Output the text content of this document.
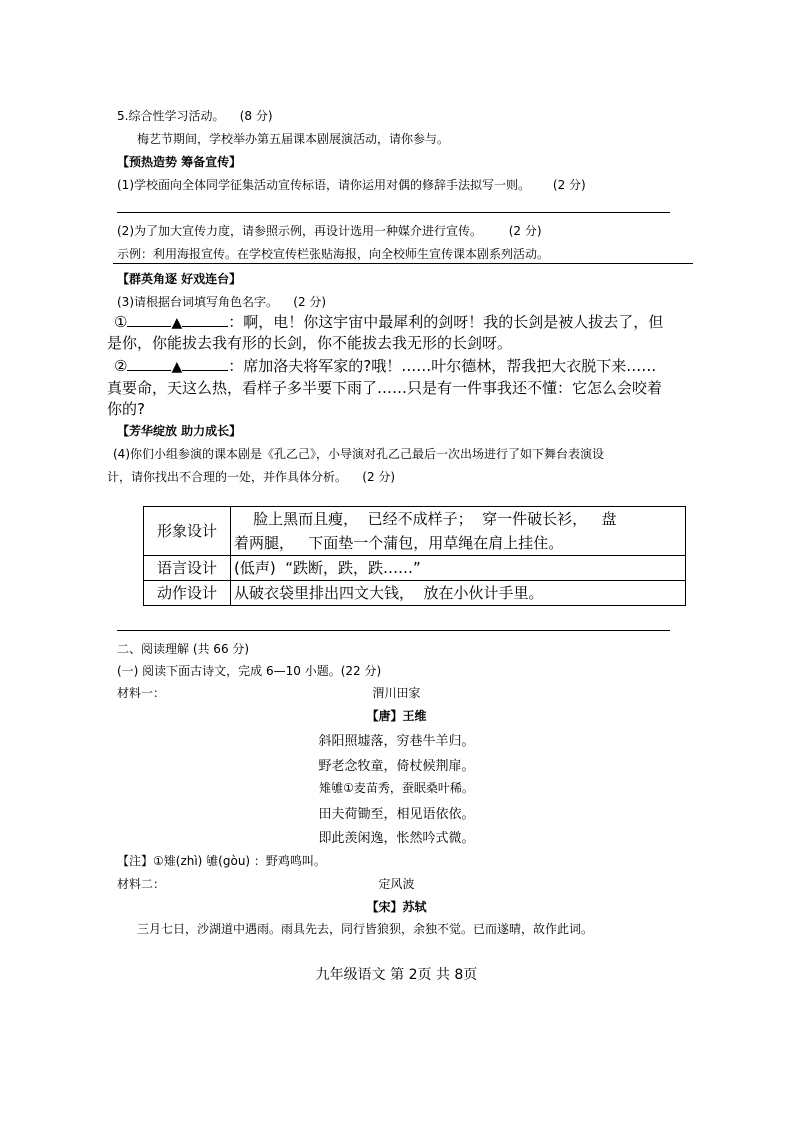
5.综合性学习活动。 (8 分)
梅艺节期间，学校举办第五届课本剧展演活动，请你参与。
【预热造势 筹备宣传】
(1)学校面向全体同学征集活动宣传标语，请你运用对偶的修辞手法拟写一则。 (2 分)
(2)为了加大宣传力度，请参照示例，再设计选用一种媒介进行宣传。 (2 分)
示例：利用海报宣传。在学校宣传栏张贴海报，向全校师生宣传课本剧系列活动。
【群英角逐 好戏连台】
(3)请根据台词填写角色名字。 (2 分)
①	▲	：啊，电！你这宇宙中最犀利的剑呀！我的长剑是被人拔去了，但
是你，你能拔去我有形的长剑，你不能拔去我无形的长剑呀。
②	▲	：席加洛夫将军家的?哦！……叶尔德林，帮我把大衣脱下来……
真要命，天这么热，看样子多半要下雨了……只是有一件事我还不懂：它怎么会咬着
你的?
【芳华绽放 助力成长】
(4)你们小组参演的课本剧是《孔乙己》，小导演对孔乙己最后一次出场进行了如下舞台表演设
计，请你找出不合理的一处，并作具体分析。 (2 分)
形象设计	脸上黑而且瘦，  已经不成样子；  穿一件破长衫，   盘
着两腿，   下面垫一个蒲包，用草绳在肩上挂住。

语言设计	(低声)  “跌断，跌，跌……”
动作设计	从破衣袋里排出四文大钱，  放在小伙计手里。
二、阅读理解 (共 66 分)
(一) 阅读下面古诗文，完成 6—10 小题。(22 分)
材料一：	渭川田家
【唐】王维
斜阳照墟落，穷巷牛羊归。
野老念牧童，倚杖候荆扉。
雉雊①麦苗秀，蚕眠桑叶稀。
田夫荷锄至，相见语依依。
即此羡闲逸，怅然吟式微。
【注】①雉(zhì) 雊(gòu) ：野鸡鸣叫。
材料二：	定风波
【宋】苏轼
三月七日，沙湖道中遇雨。雨具先去，同行皆狼狈，余独不觉。已而遂晴，故作此词。
九年级语文 第 2页 共 8页
